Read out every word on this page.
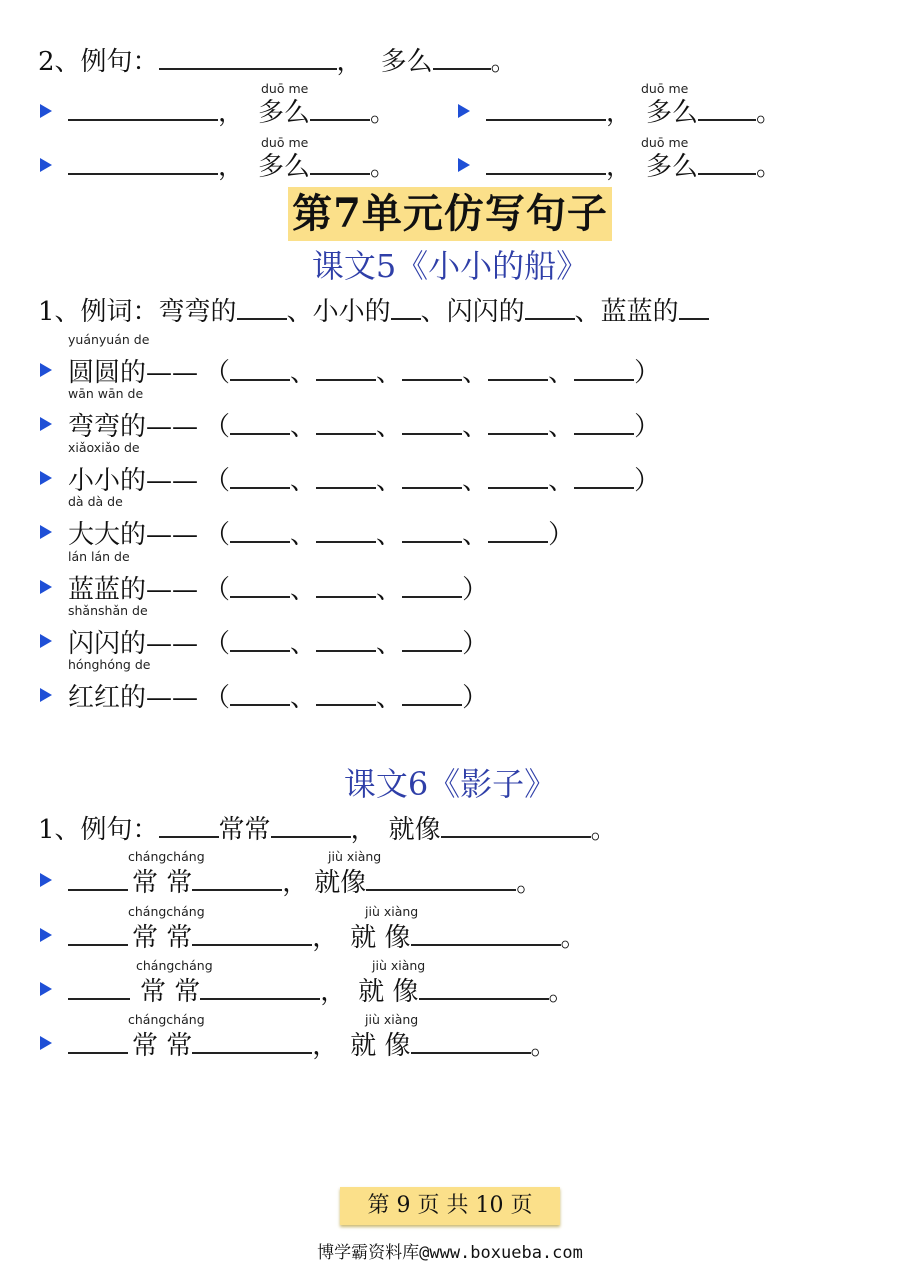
2、例句：	， 多么 。
duō me
， 多么 。
duō me
， 多么 。
duō me
， 多么 。
duō me
， 多么 。
第7单元仿写句子
课文5《小小的船》
1、例词：弯弯的 、小小的 、闪闪的 、蓝蓝的
yuányuán de
圆圆的—— （ 、 、 、 、 ）
wān wān de
弯弯的—— （ 、 、 、 、 ）
xiǎoxiǎo de
小小的—— （ 、 、 、 、 ）
dà dà de
大大的—— （ 、 、 、 ）
lán lán de
蓝蓝的—— （ 、 、 ）
shǎnshǎn de
闪闪的—— （ 、 、 ）
hónghóng de
红红的—— （ 、 、 ）
课文6《影子》
1、例句： 常常	， 就像	。
chángcháng	jiù xiàng
常 常	， 就像	。
chángcháng	jiù xiàng
常 常	， 就 像	。
chángcháng	jiù xiàng
常 常	， 就 像	。
chángcháng	jiù xiàng
常 常	， 就 像	。
第 9 页 共 10 页
博学霸资料库@www.boxueba.com
